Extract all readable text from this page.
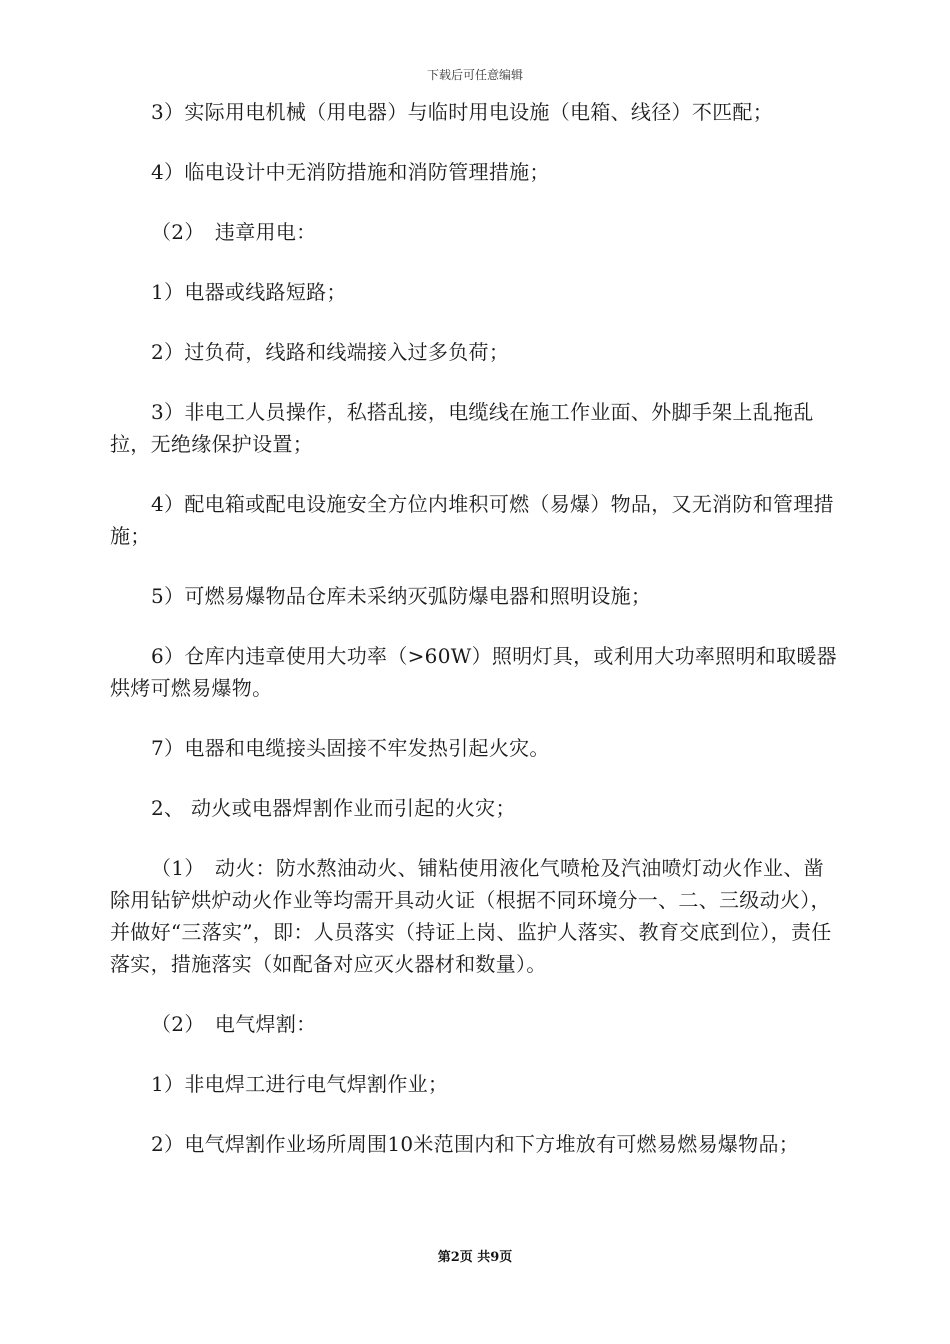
下载后可任意编辑

3）实际用电机械（用电器）与临时用电设施（电箱、线径）不匹配；

4）临电设计中无消防措施和消防管理措施；

（2）　违章用电：

1）电器或线路短路；

2）过负荷，线路和线端接入过多负荷；

3）非电工人员操作，私搭乱接，电缆线在施工作业面、外脚手架上乱拖乱拉，无绝缘保护设置；

4）配电箱或配电设施安全方位内堆积可燃（易爆）物品，又无消防和管理措施；

5）可燃易爆物品仓库未采纳灭弧防爆电器和照明设施；

6）仓库内违章使用大功率（>60W）照明灯具，或利用大功率照明和取暖器烘烤可燃易爆物。

7）电器和电缆接头固接不牢发热引起火灾。

2、 动火或电器焊割作业而引起的火灾；

（1）　动火：防水熬油动火、铺粘使用液化气喷枪及汽油喷灯动火作业、凿除用钻铲烘炉动火作业等均需开具动火证（根据不同环境分一、二、三级动火），并做好“三落实”，即：人员落实（持证上岗、监护人落实、教育交底到位），责任落实，措施落实（如配备对应灭火器材和数量）。

（2）　电气焊割：

1）非电焊工进行电气焊割作业；

2）电气焊割作业场所周围10米范围内和下方堆放有可燃易燃易爆物品；

第2页 共9页
